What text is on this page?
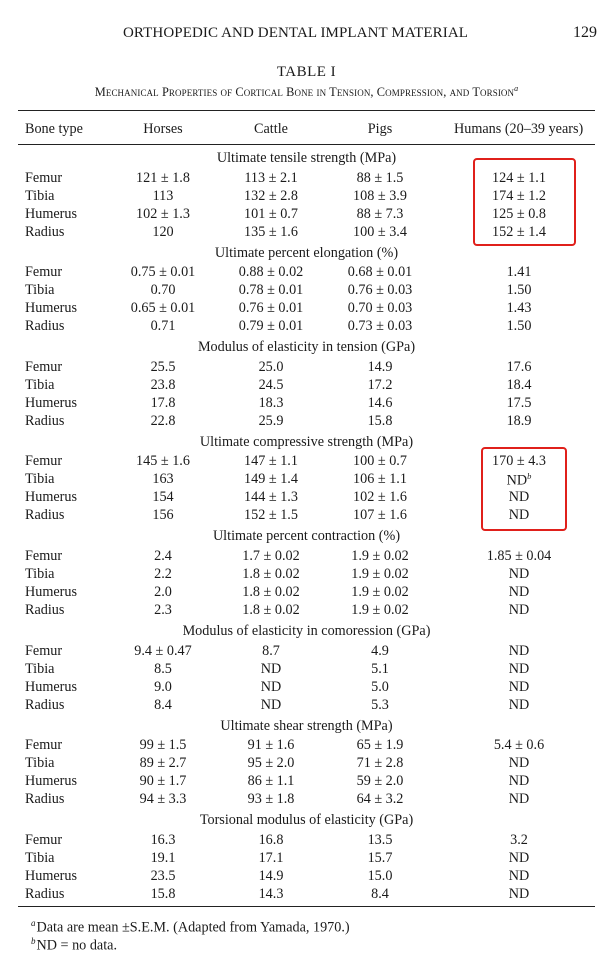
ORTHOPEDIC AND DENTAL IMPLANT MATERIAL	129
TABLE I
Mechanical Properties of Cortical Bone in Tension, Compression, and Torsion$^a$
Bone type	Horses	Cattle	Pigs	Humans (20–39 years)
Ultimate tensile strength (MPa)
Femur	121 ± 1.8	113 ± 2.1	88 ± 1.5	124 ± 1.1
Tibia	113	132 ± 2.8	108 ± 3.9	174 ± 1.2
Humerus	102 ± 1.3	101 ± 0.7	88 ± 7.3	125 ± 0.8
Radius	120	135 ± 1.6	100 ± 3.4	152 ± 1.4
Ultimate percent elongation (%)
Femur	0.75 ± 0.01	0.88 ± 0.02	0.68 ± 0.01	1.41
Tibia	0.70	0.78 ± 0.01	0.76 ± 0.03	1.50
Humerus	0.65 ± 0.01	0.76 ± 0.01	0.70 ± 0.03	1.43
Radius	0.71	0.79 ± 0.01	0.73 ± 0.03	1.50
Modulus of elasticity in tension (GPa)
Femur	25.5	25.0	14.9	17.6
Tibia	23.8	24.5	17.2	18.4
Humerus	17.8	18.3	14.6	17.5
Radius	22.8	25.9	15.8	18.9
Ultimate compressive strength (MPa)
Femur	145 ± 1.6	147 ± 1.1	100 ± 0.7	170 ± 4.3
Tibia	163	149 ± 1.4	106 ± 1.1	$ND^b$
Humerus	154	144 ± 1.3	102 ± 1.6	ND
Radius	156	152 ± 1.5	107 ± 1.6	ND
Ultimate percent contraction (%)
Femur	2.4	1.7 ± 0.02	1.9 ± 0.02	1.85 ± 0.04
Tibia	2.2	1.8 ± 0.02	1.9 ± 0.02	ND
Humerus	2.0	1.8 ± 0.02	1.9 ± 0.02	ND
Radius	2.3	1.8 ± 0.02	1.9 ± 0.02	ND
Modulus of elasticity in comoression (GPa)
Femur	9.4 ± 0.47	8.7	4.9	ND
Tibia	8.5	ND	5.1	ND
Humerus	9.0	ND	5.0	ND
Radius	8.4	ND	5.3	ND
Ultimate shear strength (MPa)
Femur	99 ± 1.5	91 ± 1.6	65 ± 1.9	5.4 ± 0.6
Tibia	89 ± 2.7	95 ± 2.0	71 ± 2.8	ND
Humerus	90 ± 1.7	86 ± 1.1	59 ± 2.0	ND
Radius	94 ± 3.3	93 ± 1.8	64 ± 3.2	ND
Torsional modulus of elasticity (GPa)
Femur	16.3	16.8	13.5	3.2
Tibia	19.1	17.1	15.7	ND
Humerus	23.5	14.9	15.0	ND
Radius	15.8	14.3	8.4	ND
$^a$Data are mean ±S.E.M. (Adapted from Yamada, 1970.)
$^b$ND = no data.
